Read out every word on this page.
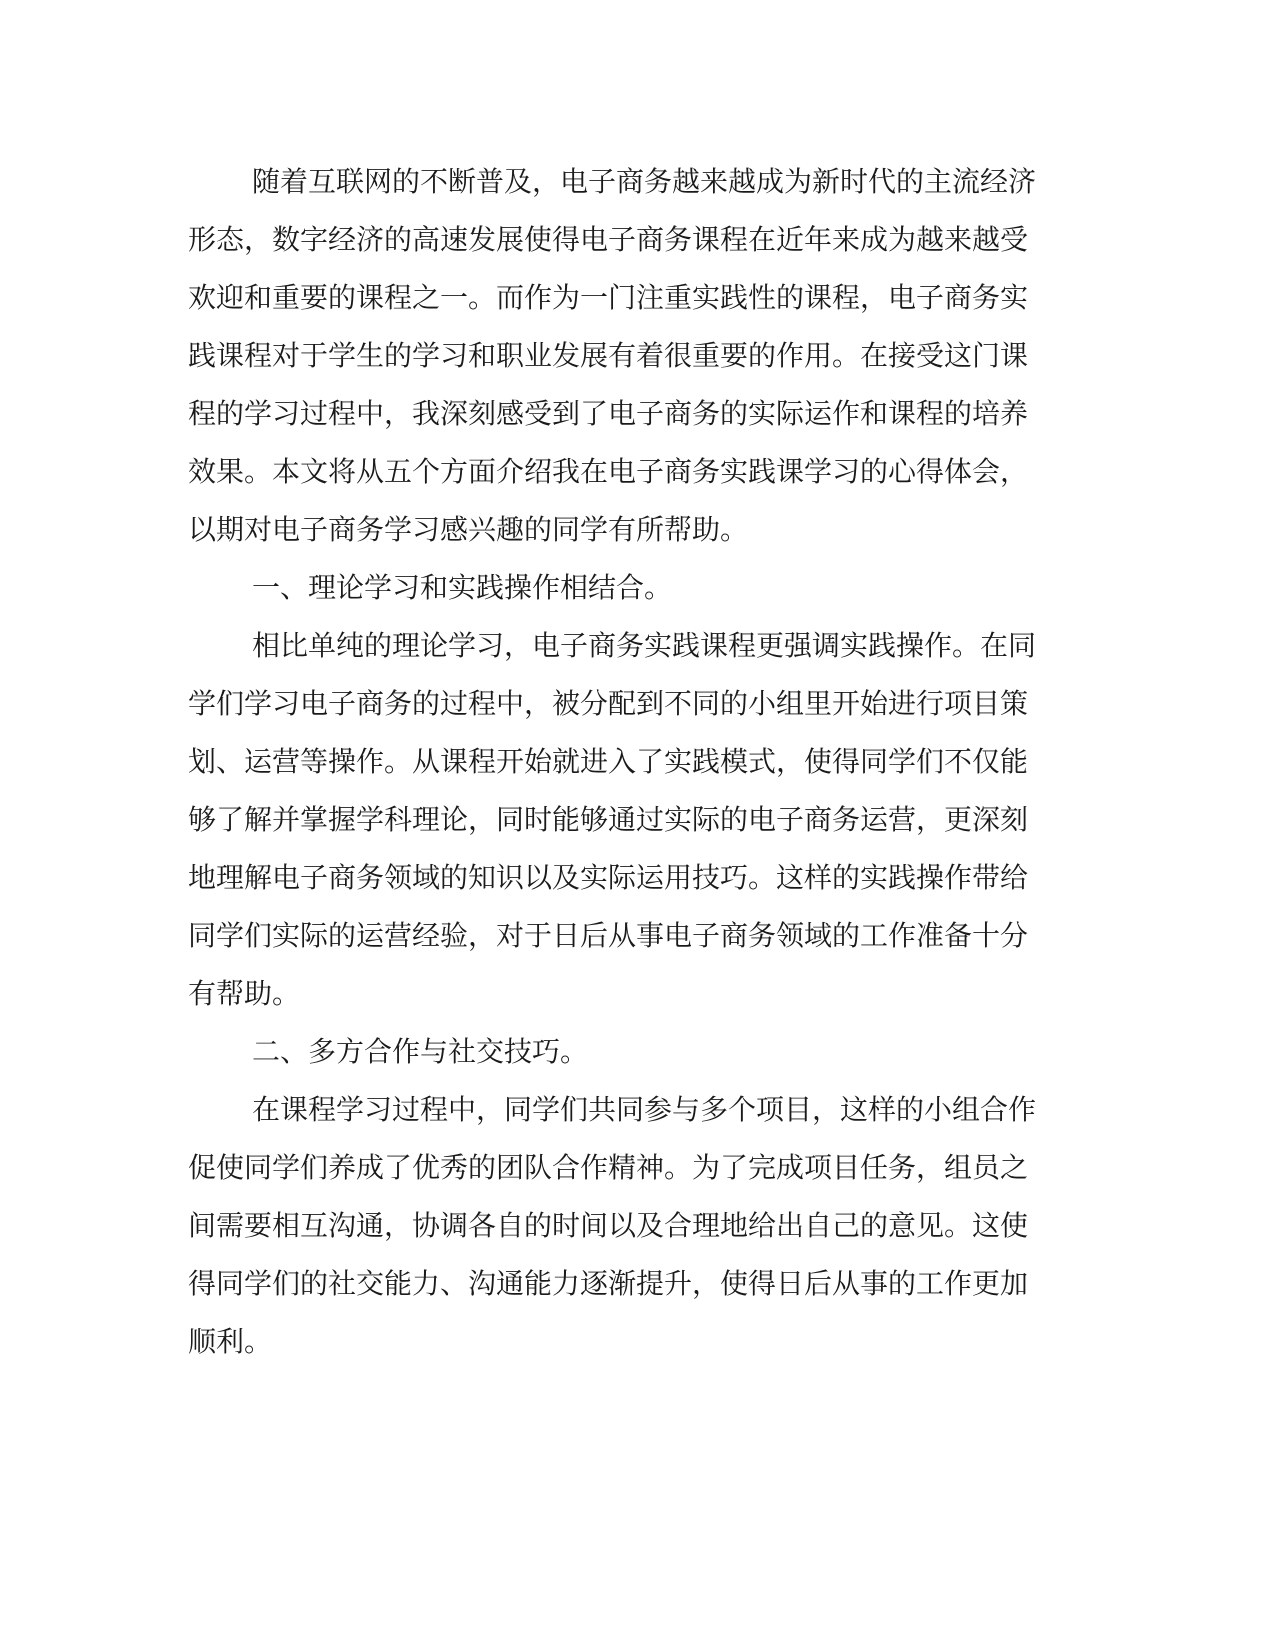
随着互联网的不断普及，电子商务越来越成为新时代的主流经济
形态，数字经济的高速发展使得电子商务课程在近年来成为越来越受
欢迎和重要的课程之一。而作为一门注重实践性的课程，电子商务实
践课程对于学生的学习和职业发展有着很重要的作用。在接受这门课
程的学习过程中，我深刻感受到了电子商务的实际运作和课程的培养
效果。本文将从五个方面介绍我在电子商务实践课学习的心得体会，
以期对电子商务学习感兴趣的同学有所帮助。
一、理论学习和实践操作相结合。
相比单纯的理论学习，电子商务实践课程更强调实践操作。在同
学们学习电子商务的过程中，被分配到不同的小组里开始进行项目策
划、运营等操作。从课程开始就进入了实践模式，使得同学们不仅能
够了解并掌握学科理论，同时能够通过实际的电子商务运营，更深刻
地理解电子商务领域的知识以及实际运用技巧。这样的实践操作带给
同学们实际的运营经验，对于日后从事电子商务领域的工作准备十分
有帮助。
二、多方合作与社交技巧。
在课程学习过程中，同学们共同参与多个项目，这样的小组合作
促使同学们养成了优秀的团队合作精神。为了完成项目任务，组员之
间需要相互沟通，协调各自的时间以及合理地给出自己的意见。这使
得同学们的社交能力、沟通能力逐渐提升，使得日后从事的工作更加
顺利。
